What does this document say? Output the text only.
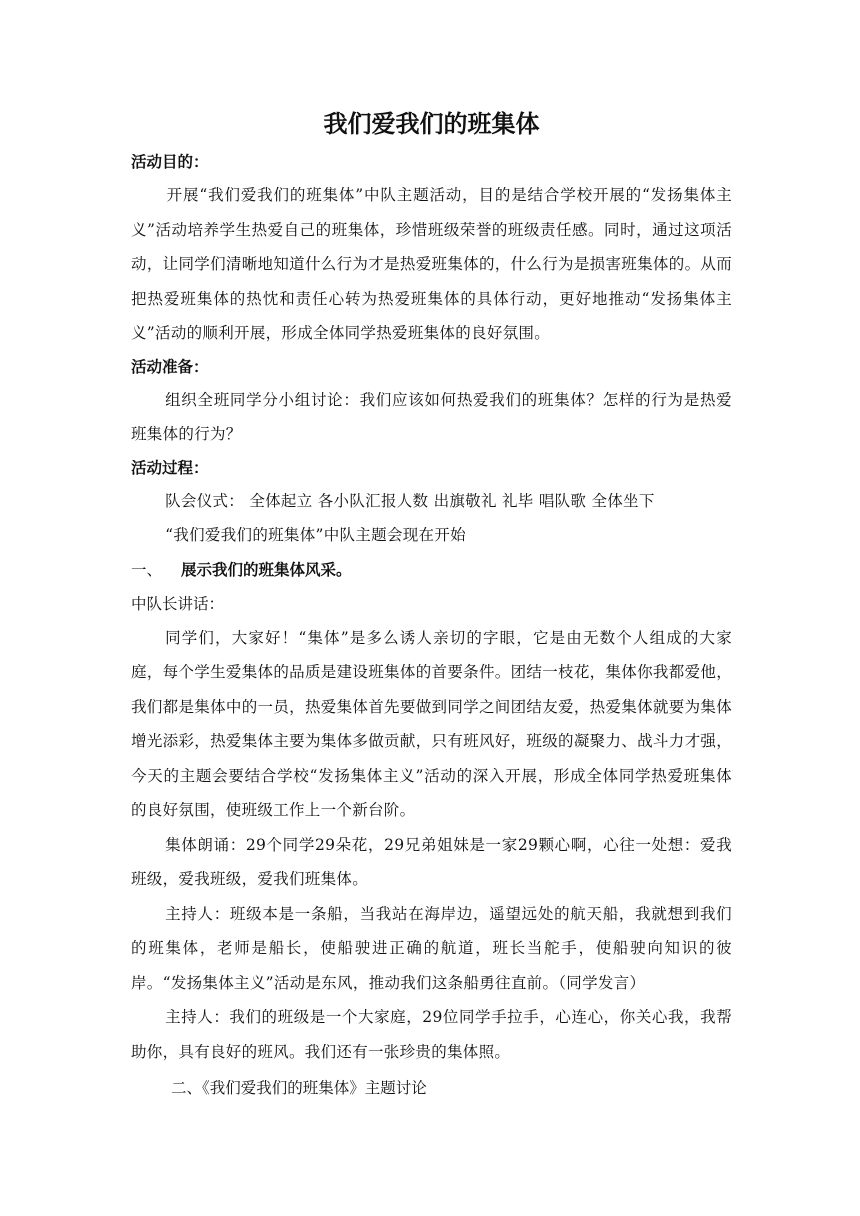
我们爱我们的班集体

活动目的：

开展“我们爱我们的班集体”中队主题活动，目的是结合学校开展的“发扬集体主义”活动培养学生热爱自己的班集体，珍惜班级荣誉的班级责任感。同时，通过这项活动，让同学们清晰地知道什么行为才是热爱班集体的，什么行为是损害班集体的。从而把热爱班集体的热忱和责任心转为热爱班集体的具体行动，更好地推动“发扬集体主义”活动的顺利开展，形成全体同学热爱班集体的良好氛围。

活动准备：

组织全班同学分小组讨论：我们应该如何热爱我们的班集体？怎样的行为是热爱班集体的行为？

活动过程：

队会仪式： 全体起立 各小队汇报人数 出旗敬礼 礼毕 唱队歌 全体坐下

“我们爱我们的班集体”中队主题会现在开始

一、 展示我们的班集体风采。

中队长讲话：

同学们，大家好！“集体”是多么诱人亲切的字眼，它是由无数个人组成的大家庭，每个学生爱集体的品质是建设班集体的首要条件。团结一枝花，集体你我都爱他，我们都是集体中的一员，热爱集体首先要做到同学之间团结友爱，热爱集体就要为集体增光添彩，热爱集体主要为集体多做贡献，只有班风好，班级的凝聚力、战斗力才强，今天的主题会要结合学校“发扬集体主义”活动的深入开展，形成全体同学热爱班集体的良好氛围，使班级工作上一个新台阶。

集体朗诵：29个同学29朵花，29兄弟姐妹是一家29颗心啊，心往一处想：爱我班级，爱我班级，爱我们班集体。

主持人：班级本是一条船，当我站在海岸边，遥望远处的航天船，我就想到我们的班集体，老师是船长，使船驶进正确的航道，班长当舵手，使船驶向知识的彼岸。“发扬集体主义”活动是东风，推动我们这条船勇往直前。（同学发言）

主持人：我们的班级是一个大家庭，29位同学手拉手，心连心，你关心我，我帮助你，具有良好的班风。我们还有一张珍贵的集体照。

二、《我们爱我们的班集体》主题讨论
